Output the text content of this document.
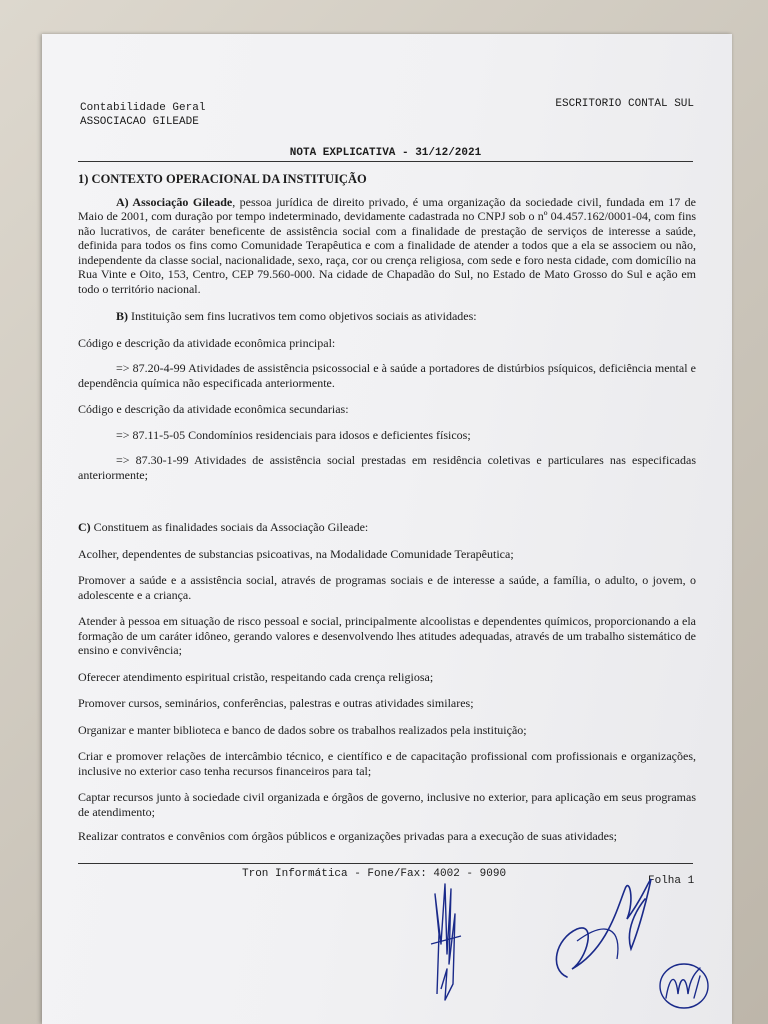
Contabilidade Geral
ASSOCIACAO GILEADE
ESCRITORIO CONTAL SUL
NOTA EXPLICATIVA - 31/12/2021

1) CONTEXTO OPERACIONAL DA INSTITUIÇÃO

A) Associação Gileade, pessoa jurídica de direito privado, é uma organização da sociedade civil, fundada em 17 de Maio de 2001, com duração por tempo indeterminado, devidamente cadastrada no CNPJ sob o nº 04.457.162/0001-04, com fins não lucrativos, de caráter beneficente de assistência social com a finalidade de prestação de serviços de interesse a saúde, definida para todos os fins como Comunidade Terapêutica e com a finalidade de atender a todos que a ela se associem ou não, independente da classe social, nacionalidade, sexo, raça, cor ou crença religiosa, com sede e foro nesta cidade, com domicílio na Rua Vinte e Oito, 153, Centro, CEP 79.560-000. Na cidade de Chapadão do Sul, no Estado de Mato Grosso do Sul e ação em todo o território nacional.

B) Instituição sem fins lucrativos tem como objetivos sociais as atividades:

Código e descrição da atividade econômica principal:

=> 87.20-4-99 Atividades de assistência psicossocial e à saúde a portadores de distúrbios psíquicos, deficiência mental e dependência química não especificada anteriormente.

Código e descrição da atividade econômica secundarias:

=> 87.11-5-05 Condomínios residenciais para idosos e deficientes físicos;

=> 87.30-1-99 Atividades de assistência social prestadas em residência coletivas e particulares nas especificadas anteriormente;

C) Constituem as finalidades sociais da Associação Gileade:

Acolher, dependentes de substancias psicoativas, na Modalidade Comunidade Terapêutica;

Promover a saúde e a assistência social, através de programas sociais e de interesse a saúde, a família, o adulto, o jovem, o adolescente e a criança.

Atender à pessoa em situação de risco pessoal e social, principalmente alcoolistas e dependentes químicos, proporcionando a ela formação de um caráter idôneo, gerando valores e desenvolvendo lhes atitudes adequadas, através de um trabalho sistemático de ensino e convivência;

Oferecer atendimento espiritual cristão, respeitando cada crença religiosa;

Promover cursos, seminários, conferências, palestras e outras atividades similares;

Organizar e manter biblioteca e banco de dados sobre os trabalhos realizados pela instituição;

Criar e promover relações de intercâmbio técnico, e científico e de capacitação profissional com profissionais e organizações, inclusive no exterior caso tenha recursos financeiros para tal;

Captar recursos junto à sociedade civil organizada e órgãos de governo, inclusive no exterior, para aplicação em seus programas de atendimento;

Realizar contratos e convênios com órgãos públicos e organizações privadas para a execução de suas atividades;

Tron Informática - Fone/Fax: 4002 - 9090
Folha 1
